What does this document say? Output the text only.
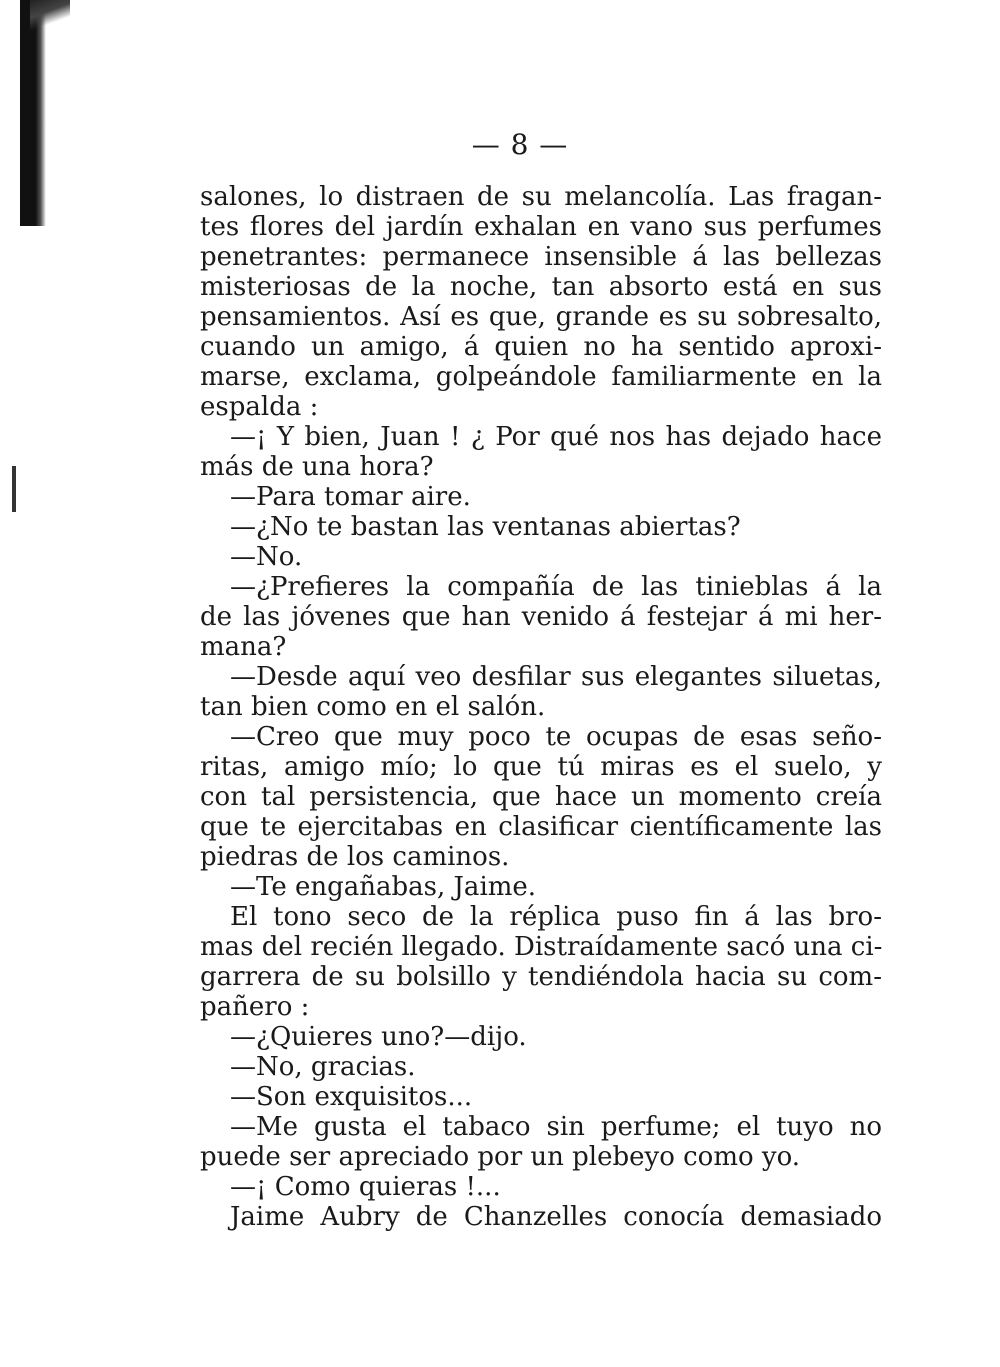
— 8 —
salones, lo distraen de su melancolía. Las fragan-
tes flores del jardín exhalan en vano sus perfumes
penetrantes: permanece insensible á las bellezas
misteriosas de la noche, tan absorto está en sus
pensamientos. Así es que, grande es su sobresalto,
cuando un amigo, á quien no ha sentido aproxi-
marse, exclama, golpeándole familiarmente en la
espalda :
—¡ Y bien, Juan ! ¿ Por qué nos has dejado hace
más de una hora?
—Para tomar aire.
—¿No te bastan las ventanas abiertas?
—No.
—¿Prefieres la compañía de las tinieblas á la
de las jóvenes que han venido á festejar á mi her-
mana?
—Desde aquí veo desfilar sus elegantes siluetas,
tan bien como en el salón.
—Creo que muy poco te ocupas de esas seño-
ritas, amigo mío; lo que tú miras es el suelo, y
con tal persistencia, que hace un momento creía
que te ejercitabas en clasificar científicamente las
piedras de los caminos.
—Te engañabas, Jaime.
El tono seco de la réplica puso fin á las bro-
mas del recién llegado. Distraídamente sacó una ci-
garrera de su bolsillo y tendiéndola hacia su com-
pañero :
—¿Quieres uno?—dijo.
—No, gracias.
—Son exquisitos...
—Me gusta el tabaco sin perfume; el tuyo no
puede ser apreciado por un plebeyo como yo.
—¡ Como quieras !...
Jaime Aubry de Chanzelles conocía demasiado
